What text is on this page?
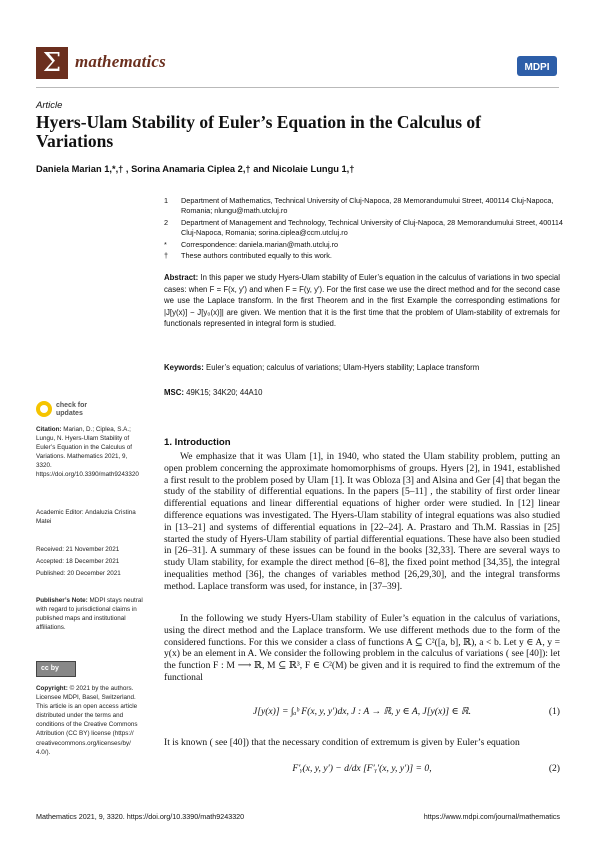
Σ mathematics	MDPI
Article
Hyers-Ulam Stability of Euler’s Equation in the Calculus of Variations
Daniela Marian 1,*,† , Sorina Anamaria Ciplea 2,† and Nicolaie Lungu 1,†
1	Department of Mathematics, Technical University of Cluj-Napoca, 28 Memorandumului Street, 400114 Cluj-Napoca, Romania; nlungu@math.utcluj.ro
2	Department of Management and Technology, Technical University of Cluj-Napoca, 28 Memorandumului Street, 400114 Cluj-Napoca, Romania; sorina.ciplea@ccm.utcluj.ro
*	Correspondence: daniela.marian@math.utcluj.ro
†	These authors contributed equally to this work.
Abstract: In this paper we study Hyers-Ulam stability of Euler’s equation in the calculus of variations in two special cases: when F = F(x, y′) and when F = F(y, y′). For the first case we use the direct method and for the second case we use the Laplace transform. In the first Theorem and in the first Example the corresponding estimations for |J[y(x)] − J[y₀(x)]| are given. We mention that it is the first time that the problem of Ulam-stability of extremals for functionals represented in integral form is studied.
Keywords: Euler’s equation; calculus of variations; Ulam-Hyers stability; Laplace transform
MSC: 49K15; 34K20; 44A10
check for
updates
Citation: Marian, D.; Ciplea, S.A.; Lungu, N. Hyers-Ulam Stability of Euler’s Equation in the Calculus of Variations. Mathematics 2021, 9, 3320. https://doi.org/10.3390/math9243320
Academic Editor: Andaluzia Cristina Matei
Received: 21 November 2021
Accepted: 18 December 2021
Published: 20 December 2021
Publisher’s Note: MDPI stays neutral with regard to jurisdictional claims in published maps and institutional affiliations.
cc by
Copyright: © 2021 by the authors. Licensee MDPI, Basel, Switzerland. This article is an open access article distributed under the terms and conditions of the Creative Commons Attribution (CC BY) license (https:// creativecommons.org/licenses/by/ 4.0/).
1. Introduction
We emphasize that it was Ulam [1], in 1940, who stated the Ulam stability problem, putting an open problem concerning the approximate homomorphisms of groups. Hyers [2], in 1941, established a first result to the problem posed by Ulam [1]. It was Obloza [3] and Alsina and Ger [4] that began the study of the stability of differential equations. In the papers [5–11] , the stability of first order linear differential equations and linear differential equations of higher order were studied. In [12] linear difference equations was investigated. The Hyers-Ulam stability of integral equations was also studied in [13–21] and systems of differential equations in [22–24]. A. Prastaro and Th.M. Rassias in [25] started the study of Hyers-Ulam stability of partial differential equations. These have also been studied in [26–31]. A summary of these issues can be found in the books [32,33]. There are several ways to study Ulam stability, for example the direct method [6–8], the fixed point method [34,35], the integral inequalities method [36], the changes of variables method [26,29,30], and the integral transforms method. Laplace transform was used, for instance, in [37–39].
In the following we study Hyers-Ulam stability of Euler’s equation in the calculus of variations, using the direct method and the Laplace transform. We use different methods due to the form of the considered functions. For this we consider a class of functions A ⊆ C²([a, b], ℝ), a < b. Let y ∈ A, y = y(x) be an element in A. We consider the following problem in the calculus of variations ( see [40]): let the function F : M ⟶ ℝ, M ⊆ ℝ³, F ∈ C²(M) be given and it is required to find the extremum of the functional
J[y(x)] = ∫ₐᵇ F(x, y, y′)dx, J : A → ℝ, y ∈ A, J[y(x)] ∈ ℝ.	(1)
It is known ( see [40]) that the necessary condition of extremum is given by Euler’s equation
F′ᵧ(x, y, y′) − d/dx [F′ᵧ′(x, y, y′)] = 0,	(2)
Mathematics 2021, 9, 3320. https://doi.org/10.3390/math9243320	https://www.mdpi.com/journal/mathematics
